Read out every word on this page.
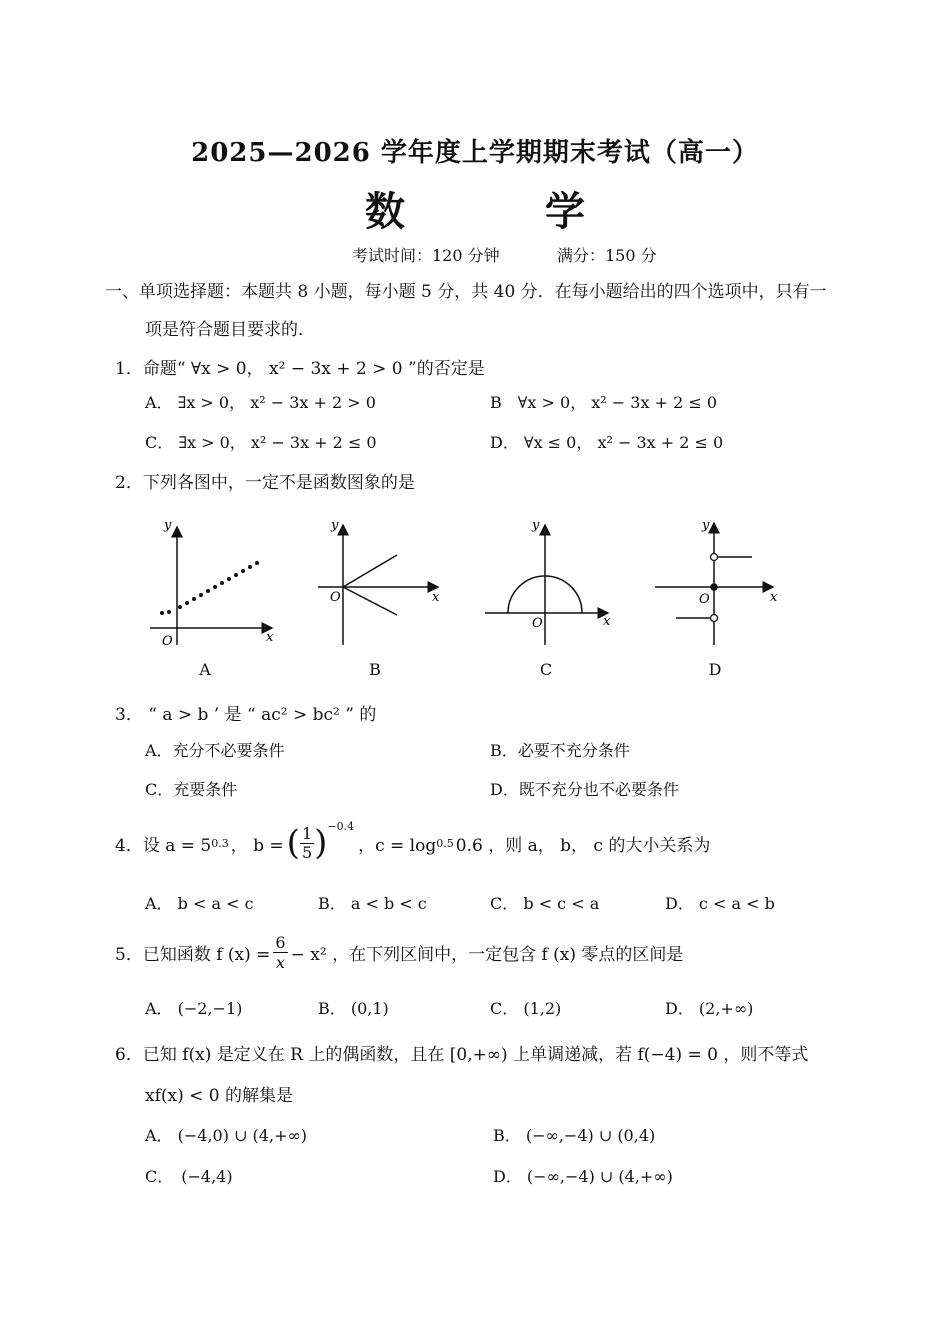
2025—2026 学年度上学期期末考试（高一）
数　学
考试时间：120 分钟	满分：150 分
一、单项选择题：本题共 8 小题，每小题 5 分，共 40 分．在每小题给出的四个选项中，只有一
项是符合题目要求的．
1．命题“ ∀x > 0， x² − 3x + 2 > 0 ”的否定是
A． ∃x > 0， x² − 3x + 2 > 0	B　∀x > 0， x² − 3x + 2 ≤ 0
C． ∃x > 0， x² − 3x + 2 ≤ 0	D． ∀x ≤ 0， x² − 3x + 2 ≤ 0
2．下列各图中，一定不是函数图象的是
y
x
O
y
x
O
y
x
O
y
x
O
A	B	C	D
3． “ a > b ’ 是 “ ac² > bc² ” 的
A．充分不必要条件	B．必要不充分条件
C．充要条件	D．既不充分也不必要条件
4．设 a = 5 0.3 ， b = ( 1
5 )$^{-0.4}$
，c = log 0.5 0.6 ，则 a， b， c 的大小关系为
A． b < a < c	B． a < b < c	C． b < c < a	D． c < a < b
5．已知函数 f $(x) = \frac{6}{x} - x^2$ ，在下列区间中，一定包含 f (x) 零点的区间是
A． (−2,−1)	B． (0,1)	C． (1,2)	D． (2,+∞)
6．已知 f(x) 是定义在 R 上的偶函数，且在 [0,+∞) 上单调递减，若 f(−4) = 0 ，则不等式
xf(x) < 0 的解集是
A． (−4,0) ∪ (4,+∞)	B． (−∞,−4) ∪ (0,4)
C．　(−4,4)	D． (−∞,−4) ∪ (4,+∞)
